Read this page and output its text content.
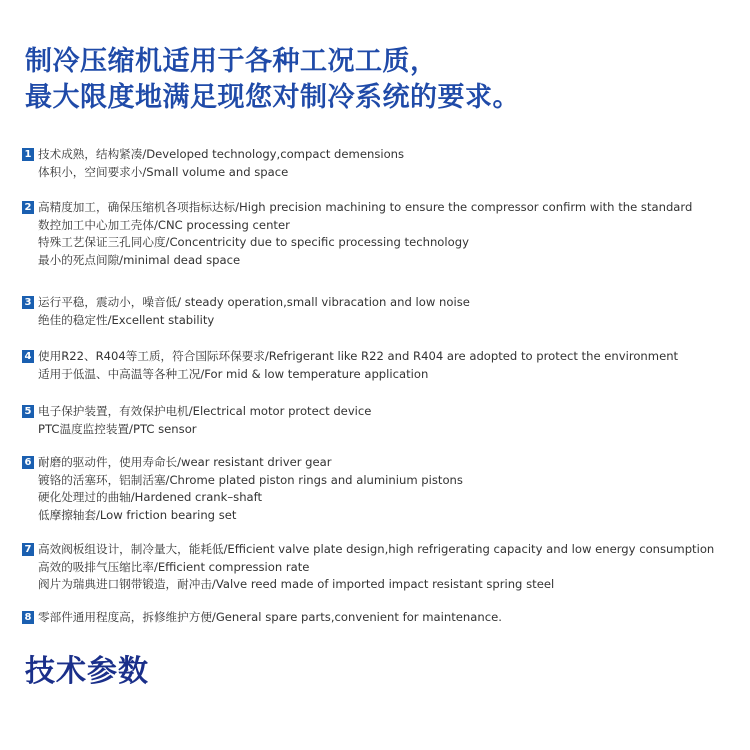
制冷压缩机适用于各种工况工质，
最大限度地满足现您对制冷系统的要求。
1 技术成熟，结构紧凑/Developed technology,compact demensions
体积小，空间要求小/Small volume and space
2 高精度加工，确保压缩机各项指标达标/High precision machining to ensure the compressor confirm with the standard
数控加工中心加工壳体/CNC processing center
特殊工艺保证三孔同心度/Concentricity due to specific processing technology
最小的死点间隙/minimal dead space
3 运行平稳，震动小，噪音低/ steady operation,small vibracation and low noise
绝佳的稳定性/Excellent stability
4 使用R22、R404等工质，符合国际环保要求/Refrigerant like R22 and R404 are adopted to protect the environment
适用于低温、中高温等各种工况/For mid & low temperature application
5 电子保护装置，有效保护电机/Electrical motor protect device
PTC温度监控装置/PTC sensor
6 耐磨的驱动件，使用寿命长/wear resistant driver gear
镀铬的活塞环，铝制活塞/Chrome plated piston rings and aluminium pistons
硬化处理过的曲轴/Hardened crank–shaft
低摩擦轴套/Low friction bearing set
7 高效阀板组设计，制冷量大，能耗低/Efficient valve plate design,high refrigerating capacity and low energy consumption
高效的吸排气压缩比率/Efficient compression rate
阀片为瑞典进口钢带锻造，耐冲击/Valve reed made of imported impact resistant spring steel
8 零部件通用程度高，拆修维护方便/General spare parts,convenient for maintenance.
技术参数
